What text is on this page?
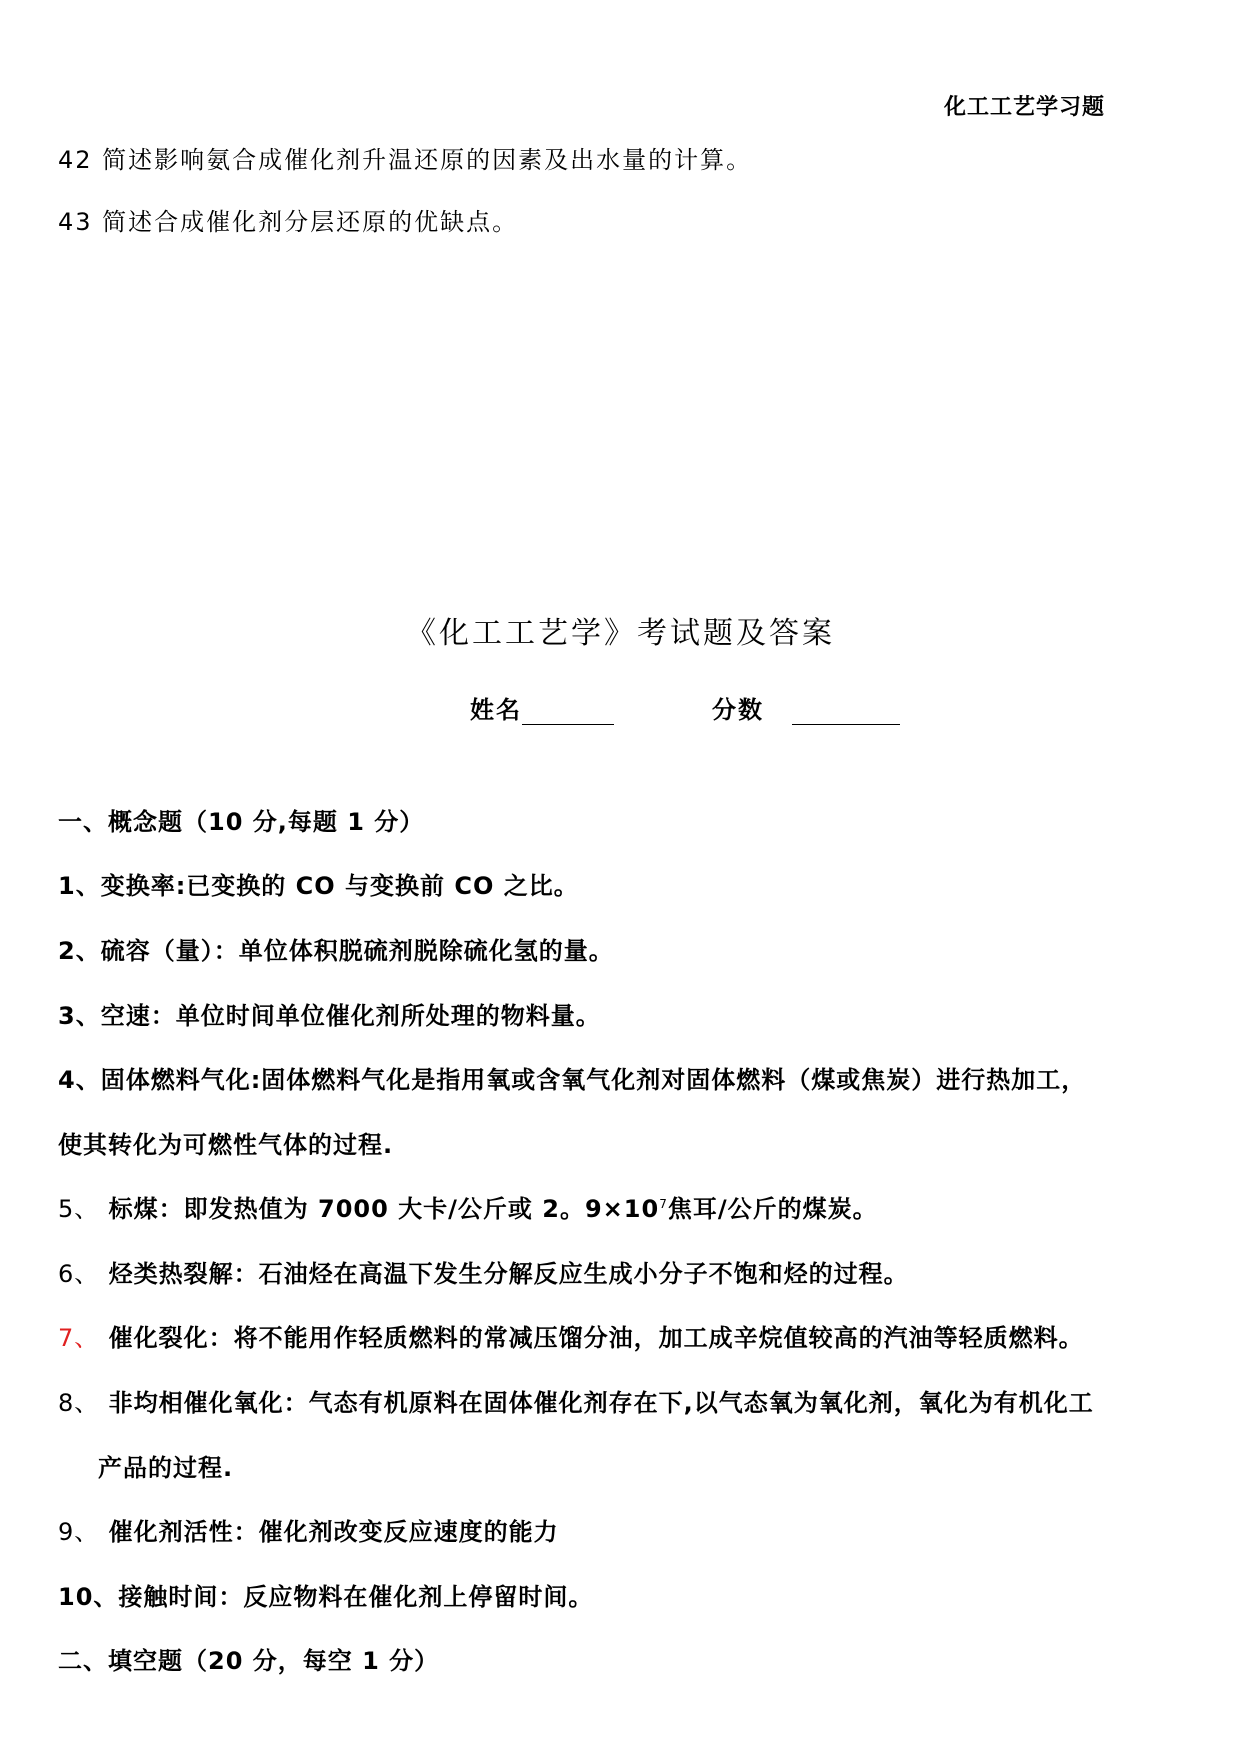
化工工艺学习题
42 简述影响氨合成催化剂升温还原的因素及出水量的计算。
43 简述合成催化剂分层还原的优缺点。
《化工工艺学》考试题及答案
姓名	分数
一、概念题（10 分,每题 1 分）
1、变换率:已变换的 CO 与变换前 CO 之比。
2、硫容（量）：单位体积脱硫剂脱除硫化氢的量。
3、空速：单位时间单位催化剂所处理的物料量。
4、固体燃料气化:固体燃料气化是指用氧或含氧气化剂对固体燃料（煤或焦炭）进行热加工，
使其转化为可燃性气体的过程.
5、 标煤：即发热值为 7000 大卡/公斤或 2。$9\times 10^7$焦耳/公斤的煤炭。
6、 烃类热裂解：石油烃在高温下发生分解反应生成小分子不饱和烃的过程。
7、 催化裂化：将不能用作轻质燃料的常减压馏分油，加工成辛烷值较高的汽油等轻质燃料。
8、 非均相催化氧化：气态有机原料在固体催化剂存在下,以气态氧为氧化剂，氧化为有机化工
产品的过程.
9、 催化剂活性：催化剂改变反应速度的能力
10、接触时间：反应物料在催化剂上停留时间。
二、填空题（20 分，每空 1 分）
